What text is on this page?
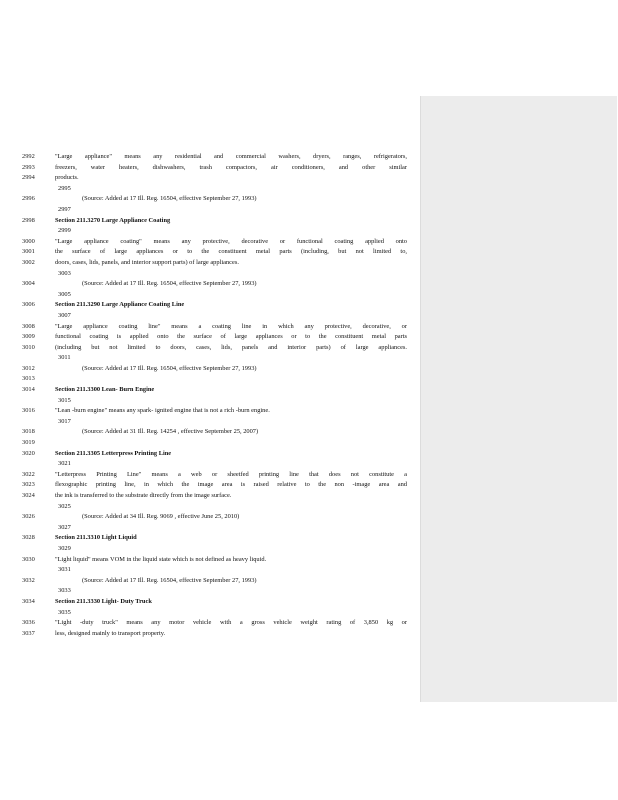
2992	"Large appliance" means any residential and commercial washers, dryers, ranges, refrigerators,
2993	freezers, water heaters, dishwashers, trash compactors, air conditioners, and other similar
2994	products.
2995
2996	(Source: Added at 17 Ill. Reg. 16504, effective September 27, 1993)
2997
2998	Section 211.3270 Large Appliance Coating
2999
3000	"Large appliance coating" means any protective, decorative or functional coating applied onto
3001	the surface of large appliances or to the constituent metal parts (including, but not limited to,
3002	doors, cases, lids, panels, and interior support parts) of large appliances.
3003
3004	(Source: Added at 17 Ill. Reg. 16504, effective September 27, 1993)
3005
3006	Section 211.3290 Large Appliance Coating Line
3007
3008	"Large appliance coating line" means a coating line in which any protective, decorative, or
3009	functional coating is applied onto the surface of large appliances or to the constituent metal parts
3010	(including but not limited to doors, cases, lids, panels and interior parts) of large appliances.
3011
3012	(Source: Added at 17 Ill. Reg. 16504, effective September 27, 1993)
3013
3014	Section 211.3300 Lean- Burn Engine
3015
3016	"Lean -burn engine" means any spark- ignited engine that is not a rich -burn engine.
3017
3018	(Source: Added at 31 Ill. Reg. 14254 , effective September 25, 2007)
3019
3020	Section 211.3305 Letterpress Printing Line
3021
3022	"Letterpress Printing Line" means a web or sheetfed printing line that does not constitute a
3023	flexographic printing line, in which the image area is raised relative to the non -image area and
3024	the ink is transferred to the substrate directly from the image surface.
3025
3026	(Source: Added at 34 Ill. Reg. 9069 , effective June 25, 2010)
3027
3028	Section 211.3310 Light Liquid
3029
3030	"Light liquid" means VOM in the liquid state which is not defined as heavy liquid.
3031
3032	(Source: Added at 17 Ill. Reg. 16504, effective September 27, 1993)
3033
3034	Section 211.3330 Light- Duty Truck
3035
3036	"Light -duty truck" means any motor vehicle with a gross vehicle weight rating of 3,850 kg or
3037	less, designed mainly to transport property.
